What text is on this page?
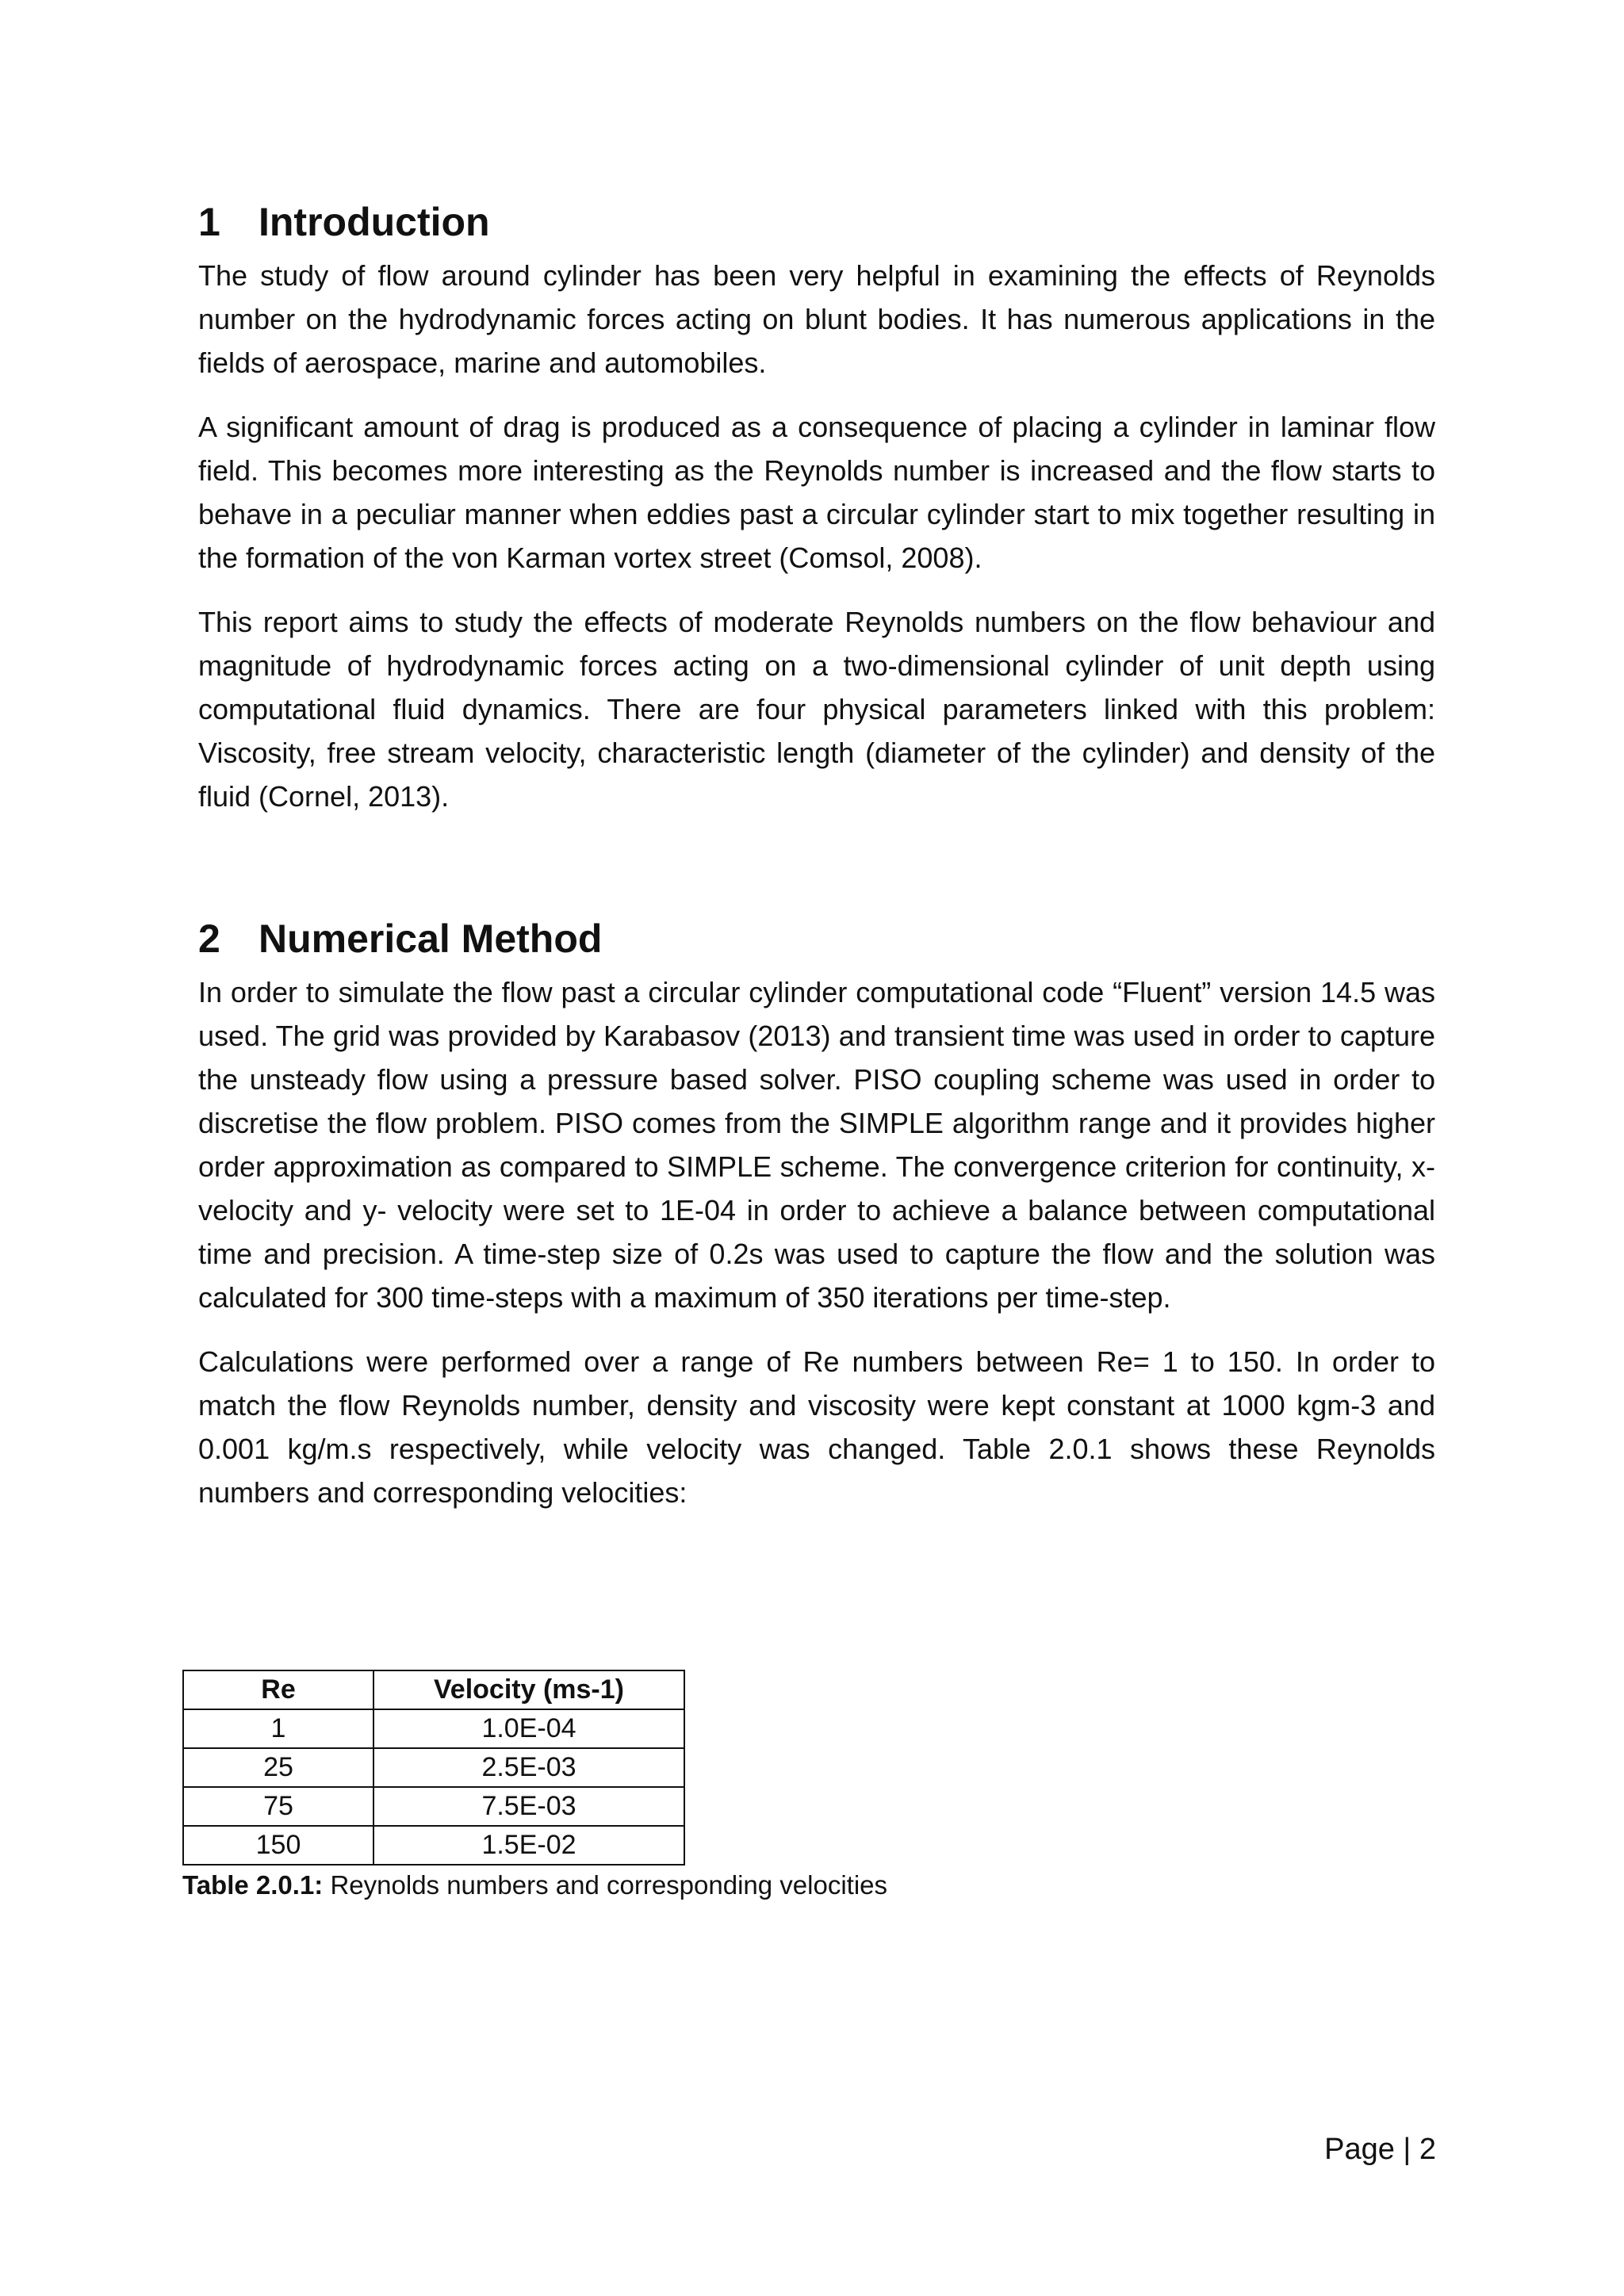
1 Introduction

The study of flow around cylinder has been very helpful in examining the effects of Reynolds number on the hydrodynamic forces acting on blunt bodies. It has numerous applications in the fields of aerospace, marine and automobiles.

A significant amount of drag is produced as a consequence of placing a cylinder in laminar flow field. This becomes more interesting as the Reynolds number is increased and the flow starts to behave in a peculiar manner when eddies past a circular cylinder start to mix together resulting in the formation of the von Karman vortex street (Comsol, 2008).

This report aims to study the effects of moderate Reynolds numbers on the flow behaviour and magnitude of hydrodynamic forces acting on a two-dimensional cylinder of unit depth using computational fluid dynamics. There are four physical parameters linked with this problem: Viscosity, free stream velocity, characteristic length (diameter of the cylinder) and density of the fluid (Cornel, 2013).

2 Numerical Method

In order to simulate the flow past a circular cylinder computational code “Fluent” version 14.5 was used. The grid was provided by Karabasov (2013) and transient time was used in order to capture the unsteady flow using a pressure based solver. PISO coupling scheme was used in order to discretise the flow problem. PISO comes from the SIMPLE algorithm range and it provides higher order approximation as compared to SIMPLE scheme. The convergence criterion for continuity, x-velocity and y- velocity were set to 1E-04 in order to achieve a balance between computational time and precision. A time-step size of 0.2s was used to capture the flow and the solution was calculated for 300 time-steps with a maximum of 350 iterations per time-step.

Calculations were performed over a range of Re numbers between Re= 1 to 150. In order to match the flow Reynolds number, density and viscosity were kept constant at 1000 kgm-3 and 0.001 kg/m.s respectively, while velocity was changed. Table 2.0.1 shows these Reynolds numbers and corresponding velocities:

Re	Velocity (ms-1)
1	1.0E-04
25	2.5E-03
75	7.5E-03
150	1.5E-02
Table 2.0.1: Reynolds numbers and corresponding velocities
Page | 2
